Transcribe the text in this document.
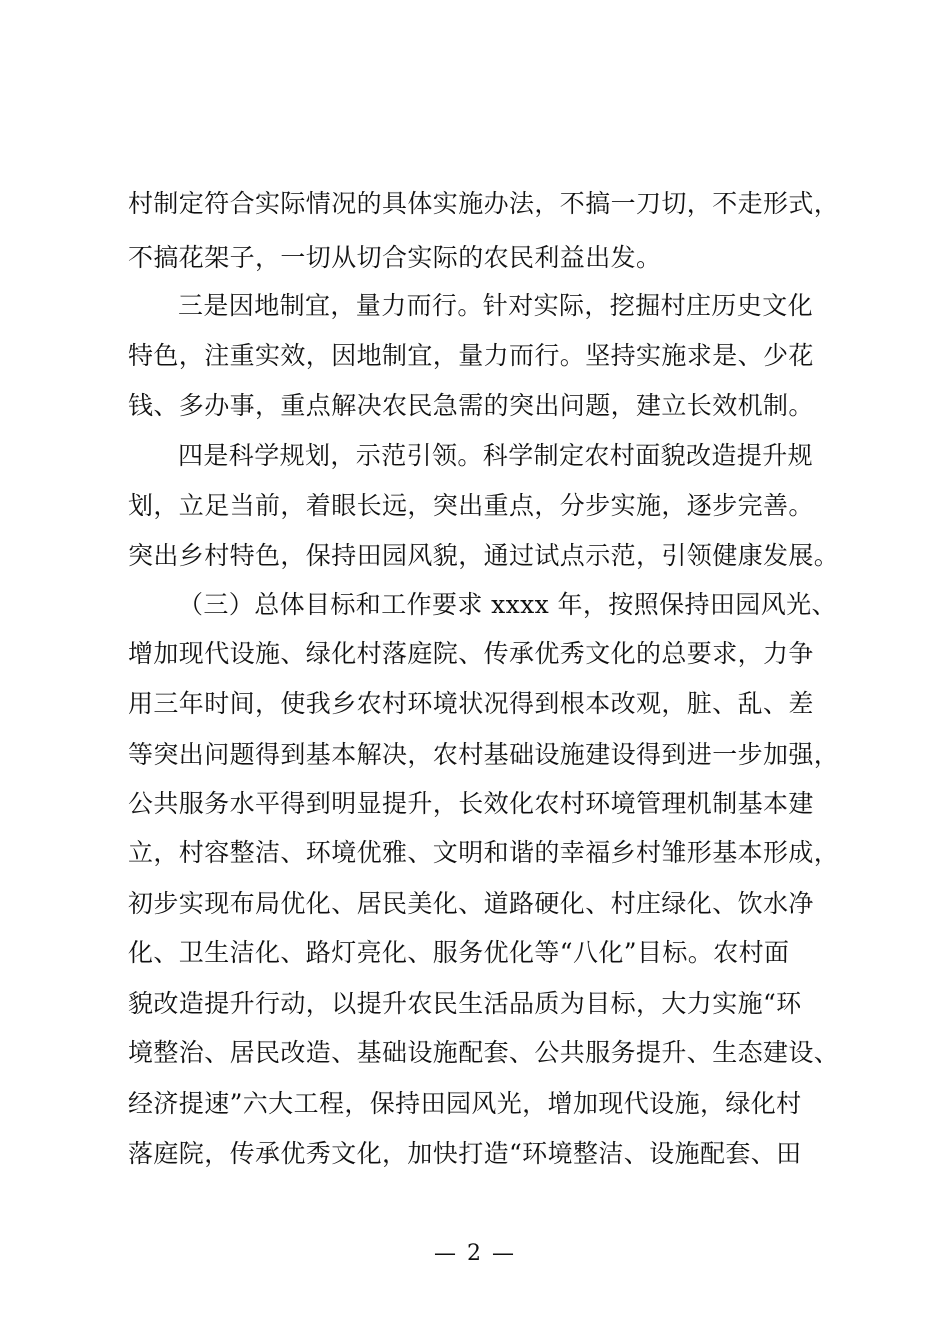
村制定符合实际情况的具体实施办法，不搞一刀切，不走形式，
不搞花架子，一切从切合实际的农民利益出发。
三是因地制宜，量力而行。针对实际，挖掘村庄历史文化
特色，注重实效，因地制宜，量力而行。坚持实施求是、少花
钱、多办事，重点解决农民急需的突出问题，建立长效机制。
四是科学规划，示范引领。科学制定农村面貌改造提升规
划，立足当前，着眼长远，突出重点，分步实施，逐步完善。
突出乡村特色，保持田园风貌，通过试点示范，引领健康发展。
（三）总体目标和工作要求 xxxx 年，按照保持田园风光、
增加现代设施、绿化村落庭院、传承优秀文化的总要求，力争
用三年时间，使我乡农村环境状况得到根本改观，脏、乱、差
等突出问题得到基本解决，农村基础设施建设得到进一步加强，
公共服务水平得到明显提升，长效化农村环境管理机制基本建
立，村容整洁、环境优雅、文明和谐的幸福乡村雏形基本形成，
初步实现布局优化、居民美化、道路硬化、村庄绿化、饮水净
化、卫生洁化、路灯亮化、服务优化等“八化”目标。农村面
貌改造提升行动，以提升农民生活品质为目标，大力实施“环
境整治、居民改造、基础设施配套、公共服务提升、生态建设、
经济提速”六大工程，保持田园风光，增加现代设施，绿化村
落庭院，传承优秀文化，加快打造“环境整洁、设施配套、田
— 2 —
